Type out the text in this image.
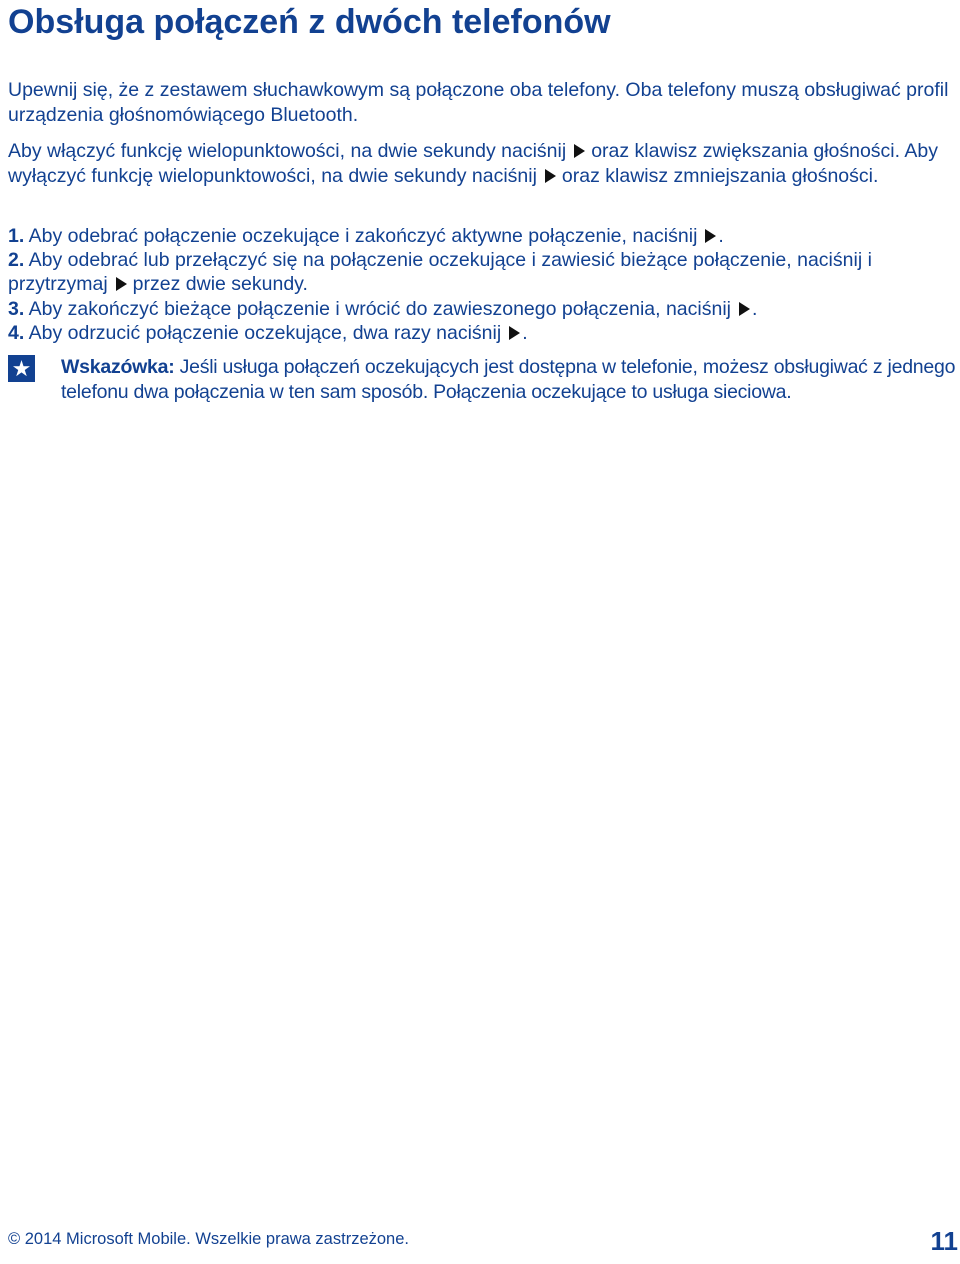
Obsługa połączeń z dwóch telefonów

Upewnij się, że z zestawem słuchawkowym są połączone oba telefony. Oba telefony muszą obsługiwać profil urządzenia głośnomówiącego Bluetooth.

Aby włączyć funkcję wielopunktowości, na dwie sekundy naciśnij oraz klawisz zwiększania głośności. Aby wyłączyć funkcję wielopunktowości, na dwie sekundy naciśnij oraz klawisz zmniejszania głośności.

1. Aby odebrać połączenie oczekujące i zakończyć aktywne połączenie, naciśnij .
2. Aby odebrać lub przełączyć się na połączenie oczekujące i zawiesić bieżące połączenie, naciśnij i przytrzymaj przez dwie sekundy.
3. Aby zakończyć bieżące połączenie i wrócić do zawieszonego połączenia, naciśnij .
4. Aby odrzucić połączenie oczekujące, dwa razy naciśnij .
★ Wskazówka: Jeśli usługa połączeń oczekujących jest dostępna w telefonie, możesz obsługiwać z jednego telefonu dwa połączenia w ten sam sposób. Połączenia oczekujące to usługa sieciowa.

© 2014 Microsoft Mobile. Wszelkie prawa zastrzeżone.	11
